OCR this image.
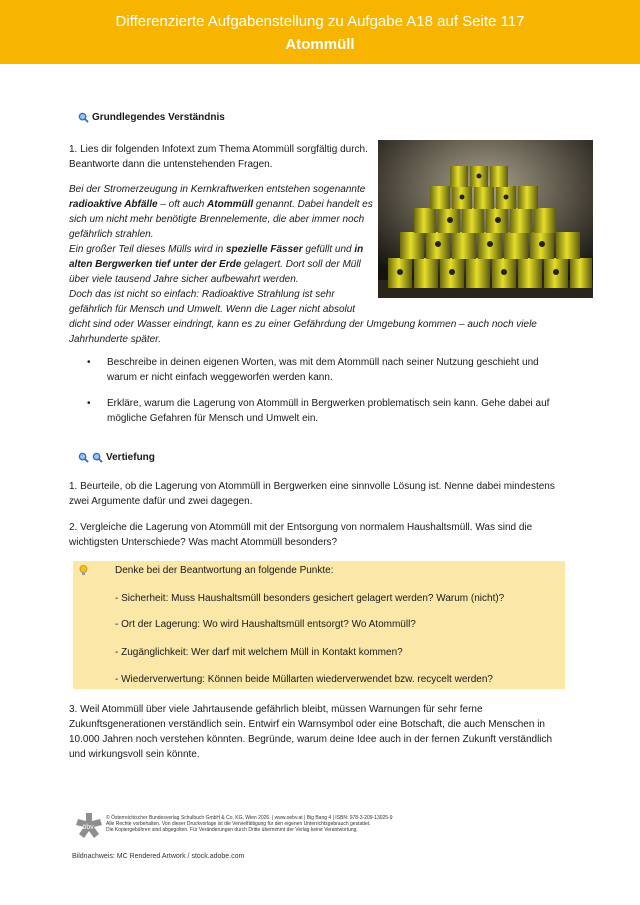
Differenzierte Aufgabenstellung zu Aufgabe A18 auf Seite 117
Atommüll
Grundlegendes Verständnis
1. Lies dir folgenden Infotext zum Thema Atommüll sorgfältig durch.
Beantworte dann die untenstehenden Fragen.
Bei der Stromerzeugung in Kernkraftwerken entstehen sogenannte
radioaktive Abfälle – oft auch Atommüll genannt. Dabei handelt es
sich um nicht mehr benötigte Brennelemente, die aber immer noch
gefährlich strahlen.
Ein großer Teil dieses Mülls wird in spezielle Fässer gefüllt und in
alten Bergwerken tief unter der Erde gelagert. Dort soll der Müll
über viele tausend Jahre sicher aufbewahrt werden.
Doch das ist nicht so einfach: Radioaktive Strahlung ist sehr
gefährlich für Mensch und Umwelt. Wenn die Lager nicht absolut
dicht sind oder Wasser eindringt, kann es zu einer Gefährdung der Umgebung kommen – auch noch viele
Jahrhunderte später.
• Beschreibe in deinen eigenen Worten, was mit dem Atommüll nach seiner Nutzung geschieht und
warum er nicht einfach weggeworfen werden kann.
• Erkläre, warum die Lagerung von Atommüll in Bergwerken problematisch sein kann. Gehe dabei auf
mögliche Gefahren für Mensch und Umwelt ein.
Vertiefung
1. Beurteile, ob die Lagerung von Atommüll in Bergwerken eine sinnvolle Lösung ist. Nenne dabei mindestens
zwei Argumente dafür und zwei dagegen.
2. Vergleiche die Lagerung von Atommüll mit der Entsorgung von normalem Haushaltsmüll. Was sind die
wichtigsten Unterschiede? Was macht Atommüll besonders?
Denke bei der Beantwortung an folgende Punkte:
- Sicherheit: Muss Haushaltsmüll besonders gesichert gelagert werden? Warum (nicht)?
- Ort der Lagerung: Wo wird Haushaltsmüll entsorgt? Wo Atommüll?
- Zugänglichkeit: Wer darf mit welchem Müll in Kontakt kommen?
- Wiederverwertung: Können beide Müllarten wiederverwendet bzw. recycelt werden?
3. Weil Atommüll über viele Jahrtausende gefährlich bleibt, müssen Warnungen für sehr ferne
Zukunftsgenerationen verständlich sein. Entwirf ein Warnsymbol oder eine Botschaft, die auch Menschen in
10.000 Jahren noch verstehen könnten. Begründe, warum deine Idee auch in der fernen Zukunft verständlich
und wirkungsvoll sein könnte.
öbv
© Österreichischer Bundesverlag Schulbuch GmbH & Co. KG, Wien 2026. | www.oebv.at | Big Bang 4 | ISBN: 978-3-209-13025-9
Alle Rechte vorbehalten. Von dieser Druckvorlage ist die Vervielfältigung für den eigenen Unterrichtsgebrauch gestattet.
Die Kopiergebühren sind abgegolten. Für Veränderungen durch Dritte übernimmt der Verlag keine Verantwortung.
Bildnachweis: MC Rendered Artwork / stock.adobe.com
